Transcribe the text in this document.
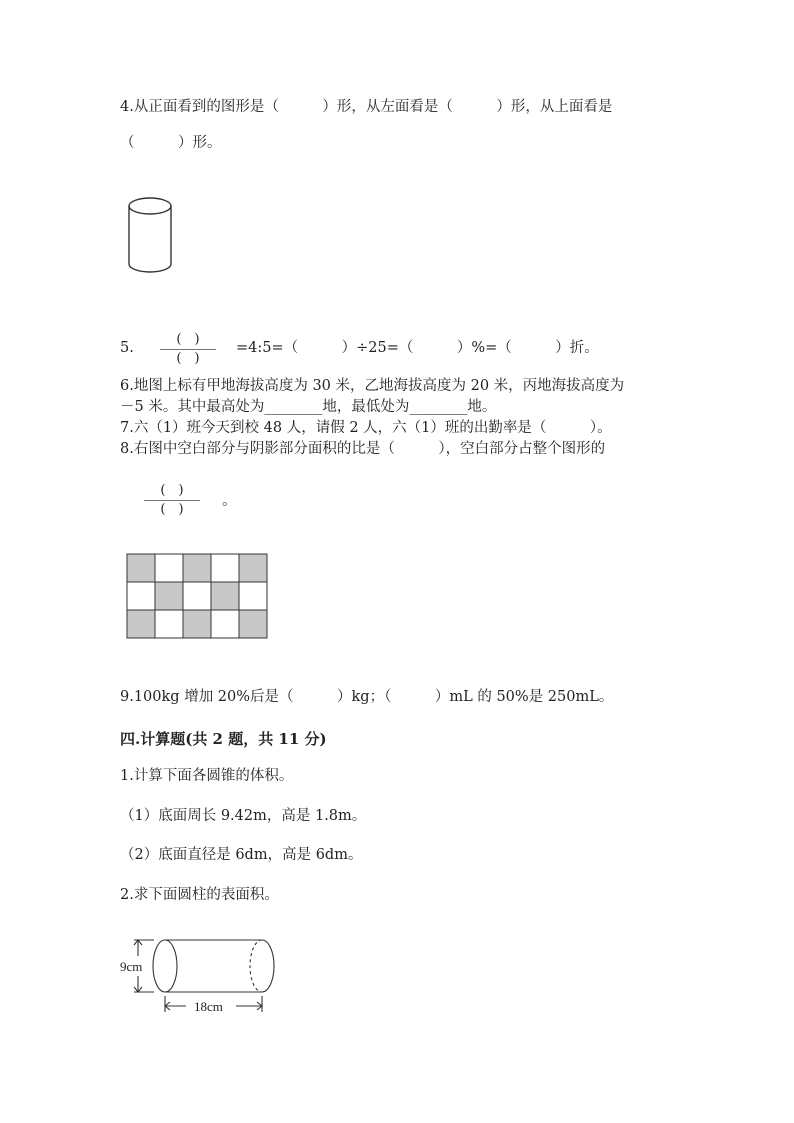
4.从正面看到的图形是（　　　）形，从左面看是（　　　）形，从上面看是
（　　　）形。
5.
(　)
(　)
=4:5=（　　　）÷25=（　　　）%=（　　　）折。
6.地图上标有甲地海拔高度为 30 米，乙地海拔高度为 20 米，丙地海拔高度为
－5 米。其中最高处为________地，最低处为________地。
7.六（1）班今天到校 48 人，请假 2 人，六（1）班的出勤率是（　　　）。
8.右图中空白部分与阴影部分面积的比是（　　　），空白部分占整个图形的
(　)
(　)
。
9.100kg 增加 20%后是（　　　）kg；（　　　）mL 的 50%是 250mL。
四.计算题(共 2 题，共 11 分)
1.计算下面各圆锥的体积。
（1）底面周长 9.42m，高是 1.8m。
（2）底面直径是 6dm，高是 6dm。
2.求下面圆柱的表面积。
9cm
18cm
